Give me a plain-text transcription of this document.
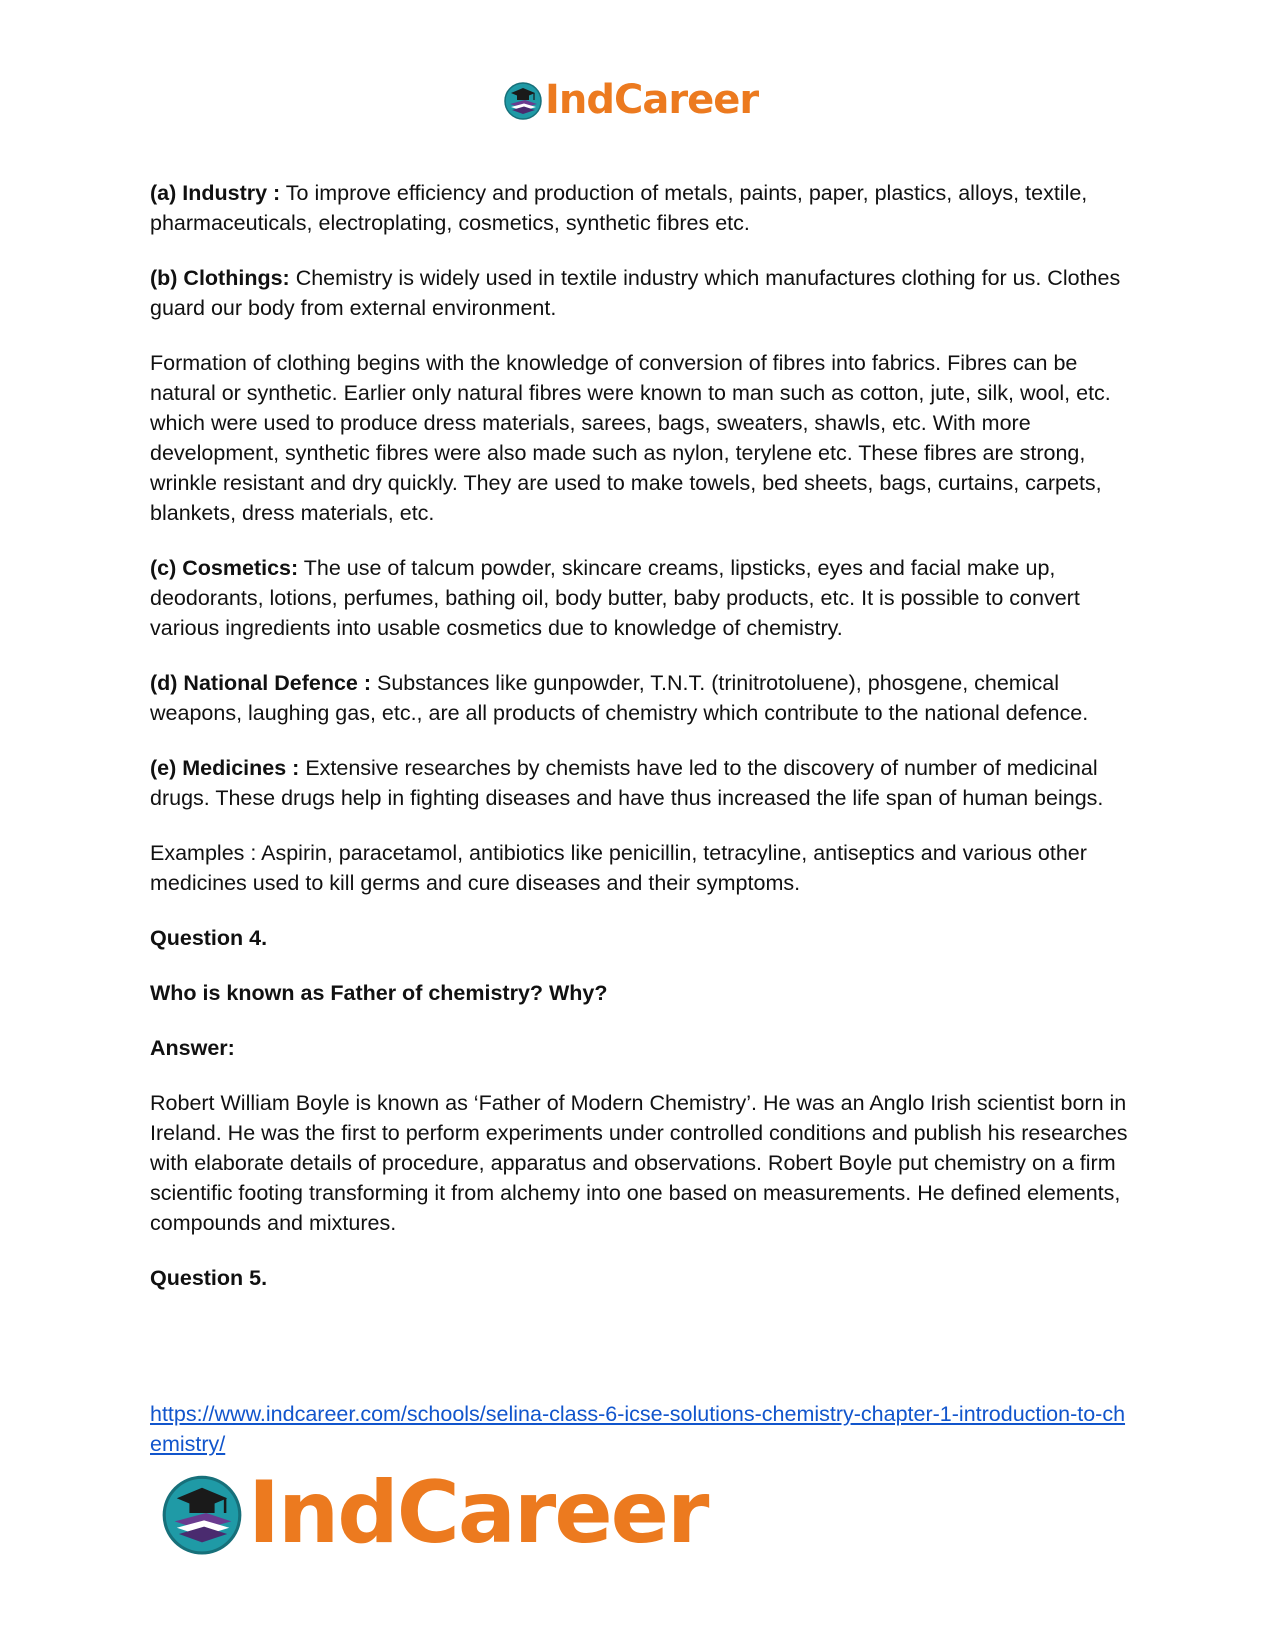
IndCareer

(a) Industry : To improve efficiency and production of metals, paints, paper, plastics, alloys, textile, pharmaceuticals, electroplating, cosmetics, synthetic fibres etc.

(b) Clothings: Chemistry is widely used in textile industry which manufactures clothing for us. Clothes guard our body from external environment.

Formation of clothing begins with the knowledge of conversion of fibres into fabrics. Fibres can be natural or synthetic. Earlier only natural fibres were known to man such as cotton, jute, silk, wool, etc. which were used to produce dress materials, sarees, bags, sweaters, shawls, etc. With more development, synthetic fibres were also made such as nylon, terylene etc. These fibres are strong, wrinkle resistant and dry quickly. They are used to make towels, bed sheets, bags, curtains, carpets, blankets, dress materials, etc.

(c) Cosmetics: The use of talcum powder, skincare creams, lipsticks, eyes and facial make up, deodorants, lotions, perfumes, bathing oil, body butter, baby products, etc. It is possible to convert various ingredients into usable cosmetics due to knowledge of chemistry.

(d) National Defence : Substances like gunpowder, T.N.T. (trinitrotoluene), phosgene, chemical weapons, laughing gas, etc., are all products of chemistry which contribute to the national defence.

(e) Medicines : Extensive researches by chemists have led to the discovery of number of medicinal drugs. These drugs help in fighting diseases and have thus increased the life span of human beings.

Examples : Aspirin, paracetamol, antibiotics like penicillin, tetracyline, antiseptics and various other medicines used to kill germs and cure diseases and their symptoms.

Question 4.

Who is known as Father of chemistry? Why?

Answer:

Robert William Boyle is known as ‘Father of Modern Chemistry’. He was an Anglo Irish scientist born in Ireland. He was the first to perform experiments under controlled conditions and publish his researches with elaborate details of procedure, apparatus and observations. Robert Boyle put chemistry on a firm scientific footing transforming it from alchemy into one based on measurements. He defined elements, compounds and mixtures.

Question 5.

https://www.indcareer.com/schools/selina-class-6-icse-solutions-chemistry-chapter-1-introduction-to-chemistry/
IndCareer
